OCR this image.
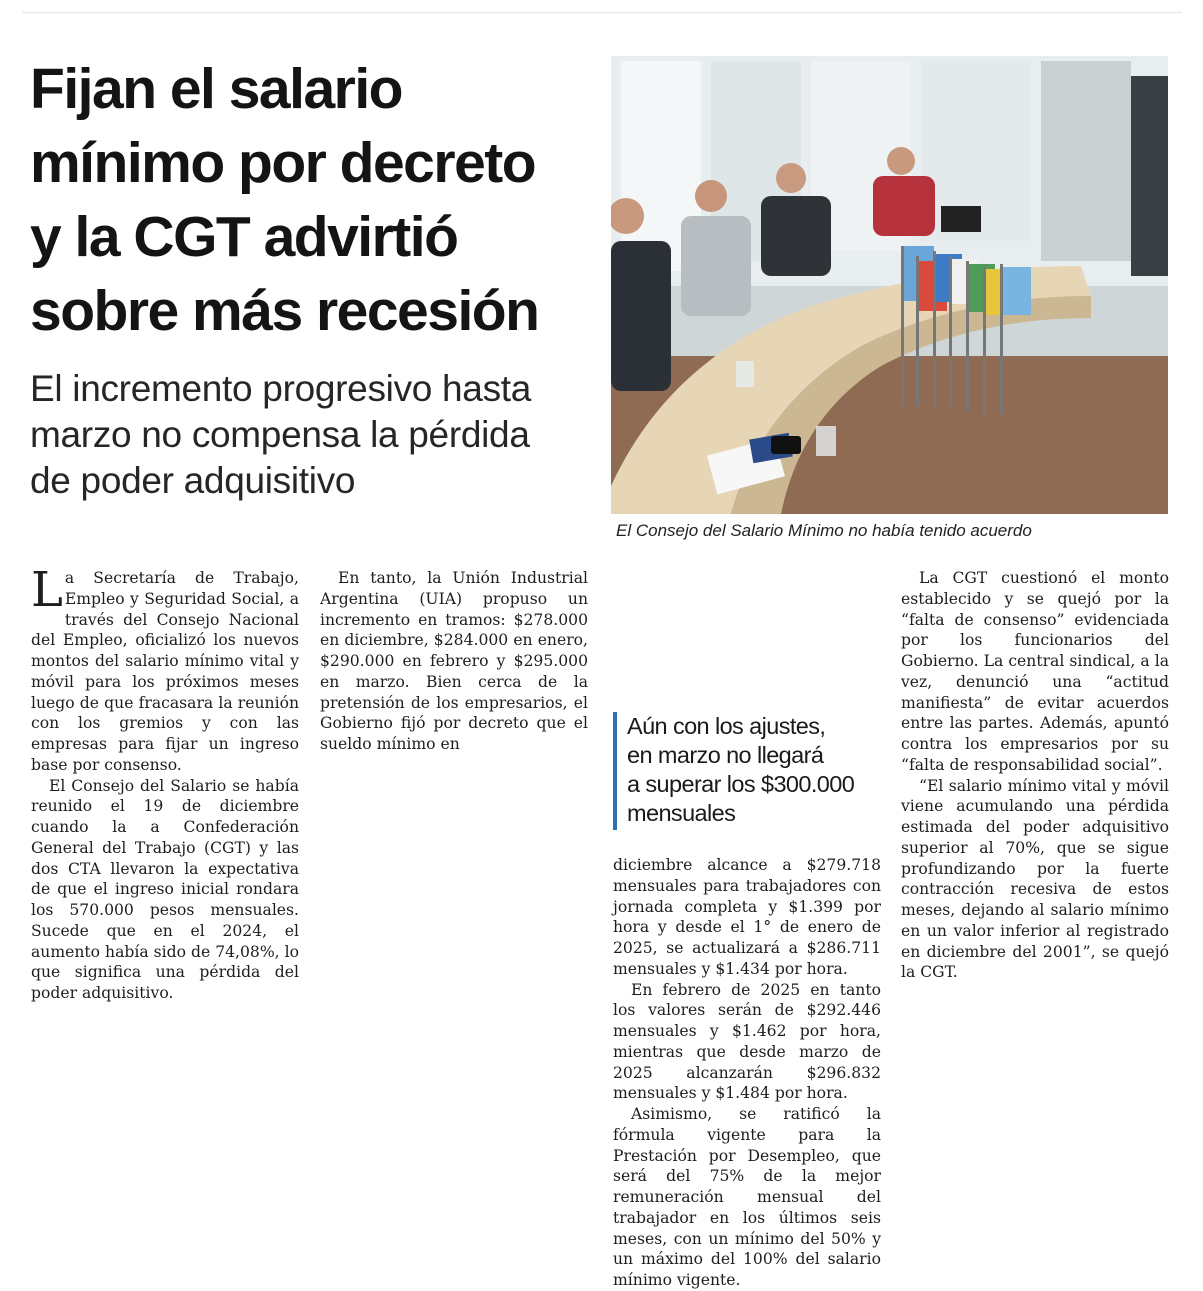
Fijan el salario
mínimo por decreto
y la CGT advirtió
sobre más recesión
El incremento progresivo hasta
marzo no compensa la pérdida
de poder adquisitivo
El Consejo del Salario Mínimo no había tenido acuerdo

La Secretaría de Trabajo, Empleo y Seguridad Social, a través del Consejo Nacional del Empleo, oficializó los nuevos montos del salario mínimo vital y móvil para los próximos meses luego de que fracasara la reunión con los gremios y con las empresas para fijar un ingreso base por consenso.

El Consejo del Salario se había reunido el 19 de diciembre cuando la a Confederación General del Trabajo (CGT) y las dos CTA llevaron la expectativa de que el ingreso inicial rondara los 570.000 pesos mensuales. Sucede que en el 2024, el aumento había sido de 74,08%, lo que significa una pérdida del poder adquisitivo.

En tanto, la Unión Industrial Argentina (UIA) propuso un incremento en tramos: $278.000 en diciembre, $284.000 en enero, $290.000 en febrero y $295.000 en marzo. Bien cerca de la pretensión de los empresarios, el Gobierno fijó por decreto que el sueldo mínimo en

Aún con los ajustes,
en marzo no llegará
a superar los $300.000
mensuales

diciembre alcance a $279.718 mensuales para trabajadores con jornada completa y $1.399 por hora y desde el 1° de enero de 2025, se actualizará a $286.711 mensuales y $1.434 por hora.

En febrero de 2025 en tanto los valores serán de $292.446 mensuales y $1.462 por hora, mientras que desde marzo de 2025 alcanzarán $296.832 mensuales y $1.484 por hora.

Asimismo, se ratificó la fórmula vigente para la Prestación por Desempleo, que será del 75% de la mejor remuneración mensual del trabajador en los últimos seis meses, con un mínimo del 50% y un máximo del 100% del salario mínimo vigente.

La CGT cuestionó el monto establecido y se quejó por la “falta de consenso” evidenciada por los funcionarios del Gobierno. La central sindical, a la vez, denunció una “actitud manifiesta” de evitar acuerdos entre las partes. Además, apuntó contra los empresarios por su “falta de responsabilidad social”.

“El salario mínimo vital y móvil viene acumulando una pérdida estimada del poder adquisitivo superior al 70%, que se sigue profundizando por la fuerte contracción recesiva de estos meses, dejando al salario mínimo en un valor inferior al registrado en diciembre del 2001”, se quejó la CGT.
